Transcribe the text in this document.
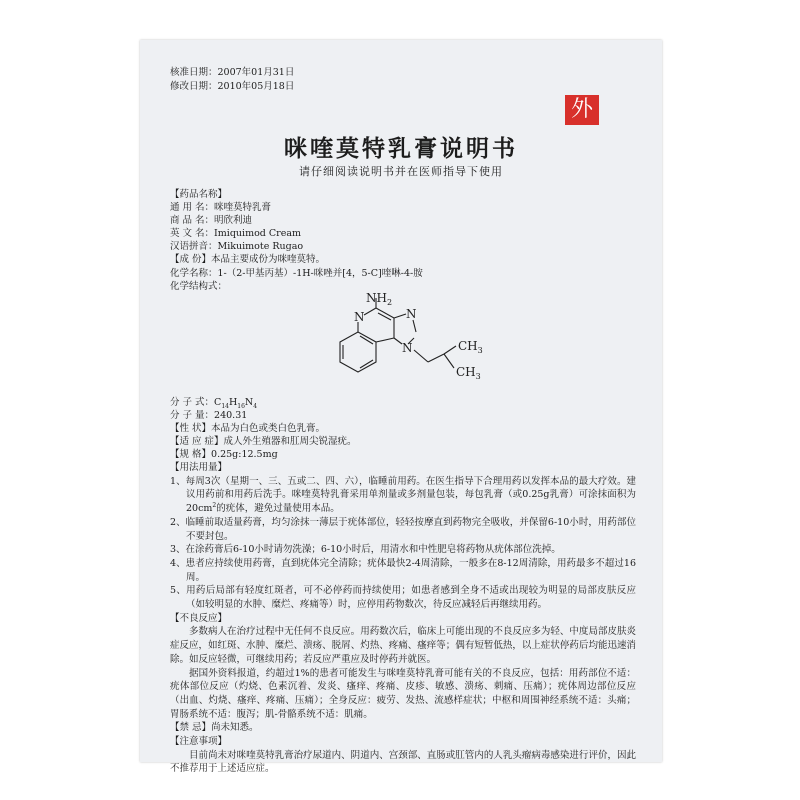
核准日期：2007年01月31日
修改日期：2010年05月18日
外
咪喹莫特乳膏说明书
请仔细阅读说明书并在医师指导下使用
【药品名称】
通 用 名：咪喹莫特乳膏
商 品 名：明欣利迪
英 文 名：Imiquimod Cream
汉语拼音：Mikuimote Rugao
【成 份】本品主要成份为咪喹莫特。
化学名称：1-（2-甲基丙基）-1H-咪唑并[4，5-C]喹啉-4-胺
化学结构式：
$NH_2$
N	N
N	$CH_3$
$CH_3$
分 子 式：$C_{14}H_{16}N_4$
分 子 量：240.31
【性 状】本品为白色或类白色乳膏。
【适 应 症】成人外生殖器和肛周尖锐湿疣。
【规 格】0.25g:12.5mg

【用法用量】

1、每周3次（星期一、三、五或二、四、六），临睡前用药。在医生指导下合理用药以发挥本品的最大疗效。建议用药前和用药后洗手。咪喹莫特乳膏采用单剂量或多剂量包装，每包乳膏（或0.25g乳膏）可涂抹面积为$20cm^2$的疣体，避免过量使用本品。

2、临睡前取适量药膏，均匀涂抹一薄层于疣体部位，轻轻按摩直到药物完全吸收，并保留6-10小时，用药部位不要封包。

3、在涂药膏后6-10小时请勿洗澡；6-10小时后，用清水和中性肥皂将药物从疣体部位洗掉。

4、患者应持续使用药膏，直到疣体完全清除；疣体最快2-4周清除，一般多在8-12周清除，用药最多不超过16周。

5、用药后局部有轻度红斑者，可不必停药而持续使用；如患者感到全身不适或出现较为明显的局部皮肤反应（如较明显的水肿、糜烂、疼痛等）时，应停用药物数次，待反应减轻后再继续用药。

【不良反应】

多数病人在治疗过程中无任何不良反应。用药数次后，临床上可能出现的不良反应多为轻、中度局部皮肤炎症反应，如红斑、水肿、糜烂、溃疡、脱屑、灼热、疼痛、瘙痒等；偶有短暂低热，以上症状停药后均能迅速消除。如反应轻微，可继续用药；若反应严重应及时停药并就医。

据国外资料报道，约超过1%的患者可能发生与咪喹莫特乳膏可能有关的不良反应，包括：用药部位不适：疣体部位反应（灼烧、色素沉着、发炎、瘙痒、疼痛、皮疹、敏感、溃疡、刺痛、压痛）；疣体周边部位反应（出血、灼烧、瘙痒、疼痛、压痛）；全身反应：疲劳、发热、流感样症状；中枢和周围神经系统不适：头痛；胃肠系统不适：腹泻；肌-骨骼系统不适：肌痛。

【禁 忌】尚未知悉。

【注意事项】

目前尚未对咪喹莫特乳膏治疗尿道内、阴道内、宫颈部、直肠或肛管内的人乳头瘤病毒感染进行评价，因此不推荐用于上述适应症。
